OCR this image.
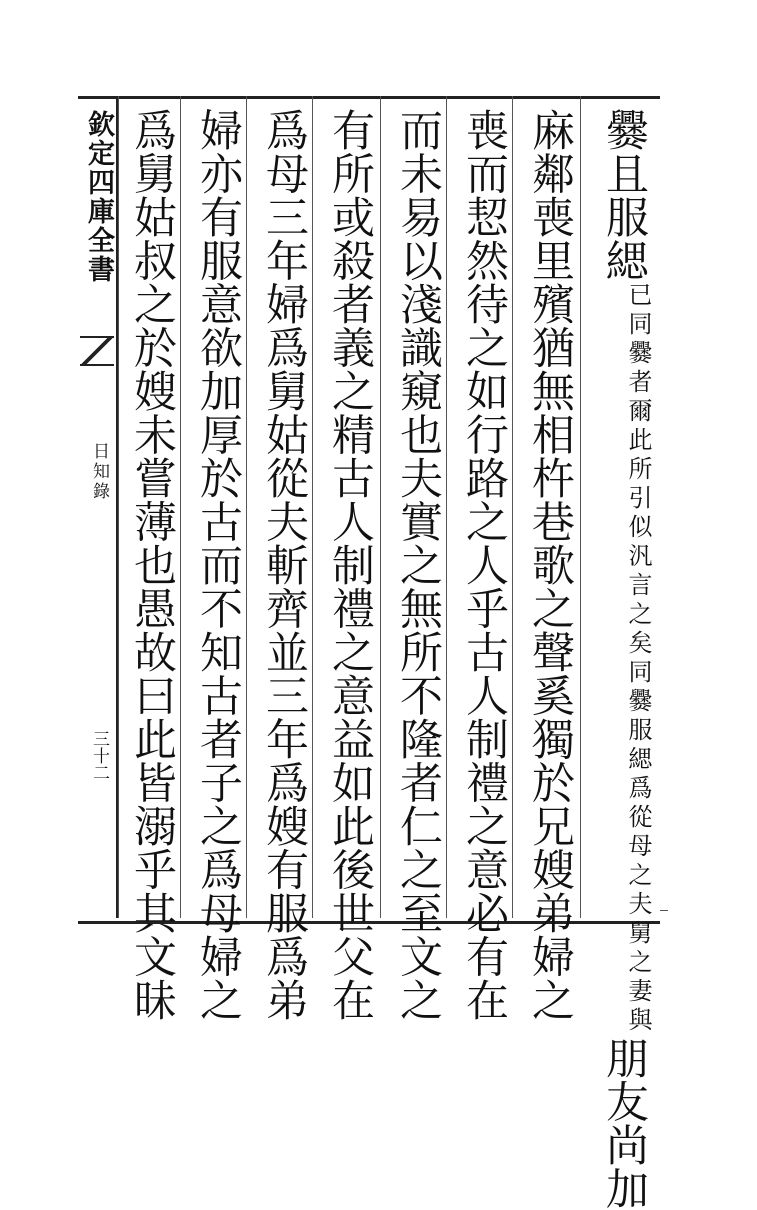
欽定四庫全書
日知錄
三十二
爨且服緦
同爨服緦爲從母之夫舅之妻與
已同爨者爾此所引似汎言之矣
朋友尚加
麻鄰喪里殯猶無相杵巷歌之聲奚獨於兄嫂弟婦之
喪而恝然待之如行路之人乎古人制禮之意必有在
而未易以淺識窺也夫實之無所不隆者仁之至文之
有所或殺者義之精古人制禮之意益如此後世父在
爲母三年婦爲舅姑從夫斬齊並三年爲嫂有服爲弟
婦亦有服意欲加厚於古而不知古者子之爲母婦之
爲舅姑叔之於嫂未嘗薄也愚故曰此皆溺乎其文昧
